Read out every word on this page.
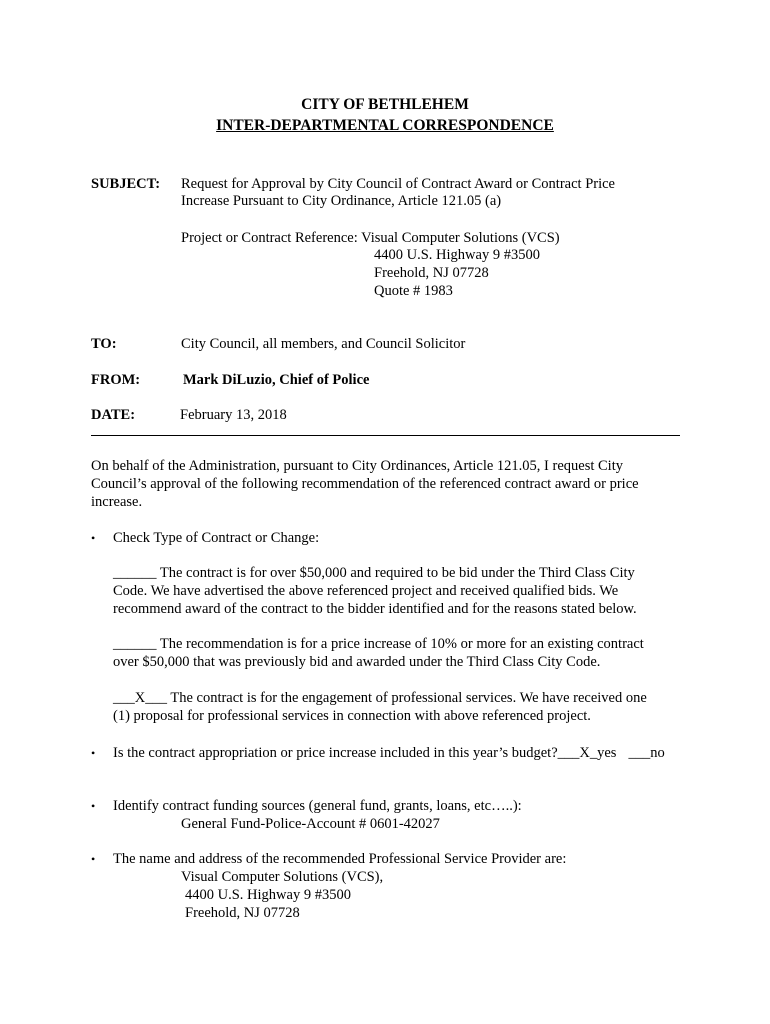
CITY OF BETHLEHEM
INTER-DEPARTMENTAL CORRESPONDENCE
SUBJECT: Request for Approval by City Council of Contract Award or Contract Price
Increase Pursuant to City Ordinance, Article 121.05 (a)
Project or Contract Reference: Visual Computer Solutions (VCS)
4400 U.S. Highway 9 #3500
Freehold, NJ 07728
Quote # 1983
TO:	City Council, all members, and Council Solicitor
FROM:	Mark DiLuzio, Chief of Police
DATE:	February 13, 2018
On behalf of the Administration, pursuant to City Ordinances, Article 121.05, I request City
Council’s approval of the following recommendation of the referenced contract award or price
increase.
• Check Type of Contract or Change:
______ The contract is for over $50,000 and required to be bid under the Third Class City
Code. We have advertised the above referenced project and received qualified bids. We
recommend award of the contract to the bidder identified and for the reasons stated below.
______ The recommendation is for a price increase of 10% or more for an existing contract
over $50,000 that was previously bid and awarded under the Third Class City Code.
___X___ The contract is for the engagement of professional services. We have received one
(1) proposal for professional services in connection with above referenced project.
• Is the contract appropriation or price increase included in this year’s budget?___X_yes ___no
• Identify contract funding sources (general fund, grants, loans, etc…..):
General Fund-Police-Account # 0601-42027
• The name and address of the recommended Professional Service Provider are:
Visual Computer Solutions (VCS),
4400 U.S. Highway 9 #3500
Freehold, NJ 07728
